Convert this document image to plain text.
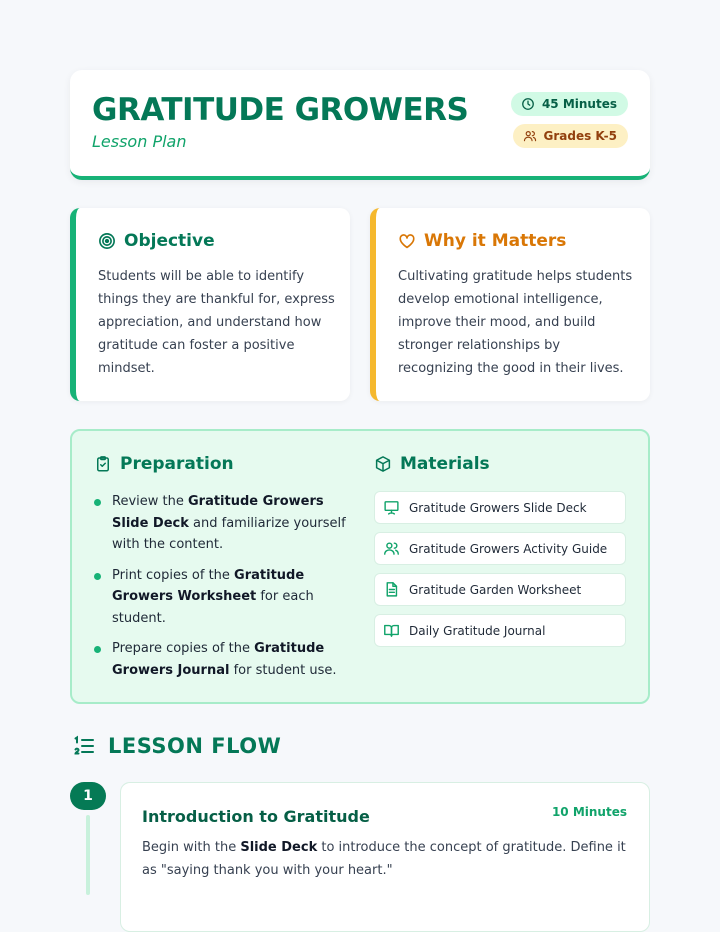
GRATITUDE GROWERS
Lesson Plan
45 Minutes
Grades K-5
Objective
Students will be able to identify things they are thankful for, express appreciation, and understand how gratitude can foster a positive mindset.
Why it Matters
Cultivating gratitude helps students develop emotional intelligence, improve their mood, and build stronger relationships by recognizing the good in their lives.
Preparation
Review the Gratitude Growers Slide Deck and familiarize yourself with the content.
Print copies of the Gratitude Growers Worksheet for each student.
Prepare copies of the Gratitude Growers Journal for student use.
Materials
Gratitude Growers Slide Deck
Gratitude Growers Activity Guide
Gratitude Garden Worksheet
Daily Gratitude Journal
LESSON FLOW
1
Introduction to Gratitude	10 Minutes
Begin with the Slide Deck to introduce the concept of gratitude. Define it as "saying thank you with your heart."
